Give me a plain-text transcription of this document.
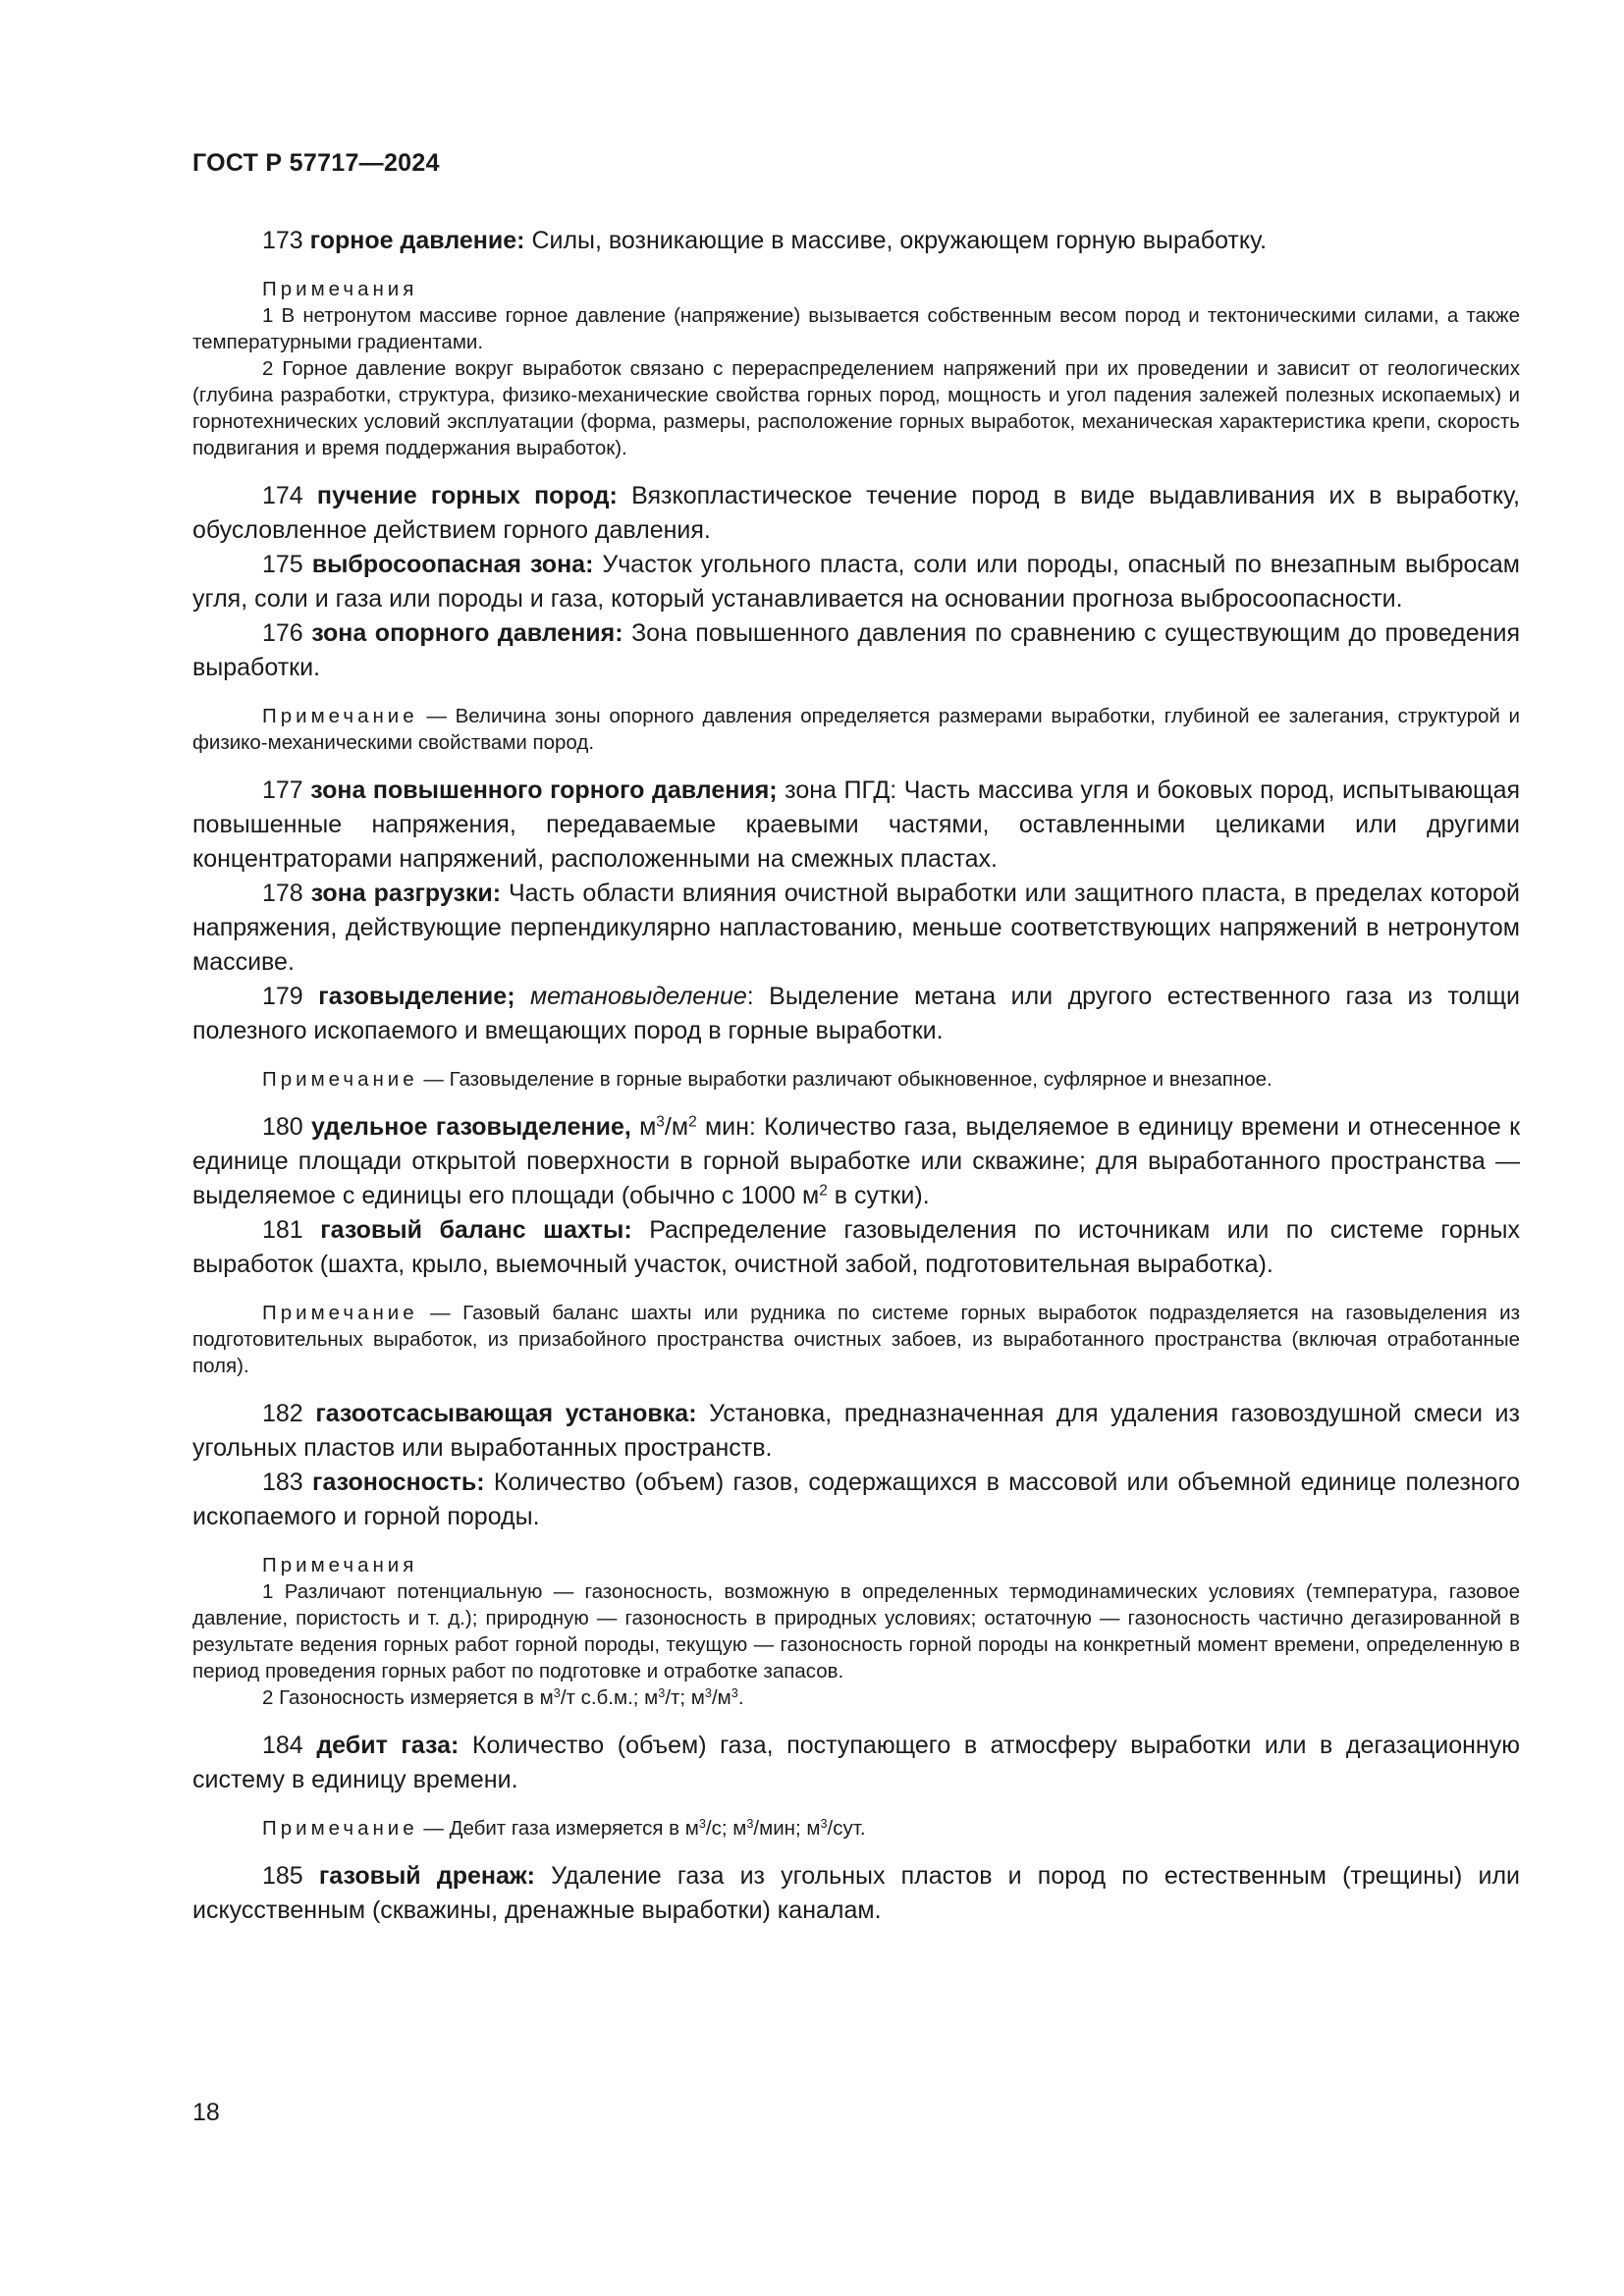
ГОСТ Р 57717—2024

173 горное давление: Силы, возникающие в массиве, окружающем горную выработку.

Примечания

1 В нетронутом массиве горное давление (напряжение) вызывается собственным весом пород и тектоническими силами, а также температурными градиентами.

2 Горное давление вокруг выработок связано с перераспределением напряжений при их проведении и зависит от геологических (глубина разработки, структура, физико-механические свойства горных пород, мощность и угол падения залежей полезных ископаемых) и горнотехнических условий эксплуатации (форма, размеры, расположение горных выработок, механическая характеристика крепи, скорость подвигания и время поддержания выработок).

174 пучение горных пород: Вязкопластическое течение пород в виде выдавливания их в выработку, обусловленное действием горного давления.

175 выбросоопасная зона: Участок угольного пласта, соли или породы, опасный по внезапным выбросам угля, соли и газа или породы и газа, который устанавливается на основании прогноза выбросоопасности.

176 зона опорного давления: Зона повышенного давления по сравнению с существующим до проведения выработки.

Примечание — Величина зоны опорного давления определяется размерами выработки, глубиной ее залегания, структурой и физико-механическими свойствами пород.

177 зона повышенного горного давления; зона ПГД: Часть массива угля и боковых пород, испытывающая повышенные напряжения, передаваемые краевыми частями, оставленными целиками или другими концентраторами напряжений, расположенными на смежных пластах.

178 зона разгрузки: Часть области влияния очистной выработки или защитного пласта, в пределах которой напряжения, действующие перпендикулярно напластованию, меньше соответствующих напряжений в нетронутом массиве.

179 газовыделение; метановыделение: Выделение метана или другого естественного газа из толщи полезного ископаемого и вмещающих пород в горные выработки.

Примечание — Газовыделение в горные выработки различают обыкновенное, суфлярное и внезапное.

180 удельное газовыделение, $м^3/м^2$ мин: Количество газа, выделяемое в единицу времени и отнесенное к единице площади открытой поверхности в горной выработке или скважине; для выработанного пространства — выделяемое с единицы его площади (обычно с 1000 $м^2$ в сутки).

181 газовый баланс шахты: Распределение газовыделения по источникам или по системе горных выработок (шахта, крыло, выемочный участок, очистной забой, подготовительная выработка).

Примечание — Газовый баланс шахты или рудника по системе горных выработок подразделяется на газовыделения из подготовительных выработок, из призабойного пространства очистных забоев, из выработанного пространства (включая отработанные поля).

182 газоотсасывающая установка: Установка, предназначенная для удаления газовоздушной смеси из угольных пластов или выработанных пространств.

183 газоносность: Количество (объем) газов, содержащихся в массовой или объемной единице полезного ископаемого и горной породы.

Примечания

1 Различают потенциальную — газоносность, возможную в определенных термодинамических условиях (температура, газовое давление, пористость и т. д.); природную — газоносность в природных условиях; остаточную — газоносность частично дегазированной в результате ведения горных работ горной породы, текущую — газоносность горной породы на конкретный момент времени, определенную в период проведения горных работ по подготовке и отработке запасов.

2 Газоносность измеряется в $м^3/т$ с.б.м.; $м^3/т$; $м^3/м^3$.

184 дебит газа: Количество (объем) газа, поступающего в атмосферу выработки или в дегазационную систему в единицу времени.

Примечание — Дебит газа измеряется в $м^3/с$; $м^3$/мин; $м^3$/сут.

185 газовый дренаж: Удаление газа из угольных пластов и пород по естественным (трещины) или искусственным (скважины, дренажные выработки) каналам.

18
